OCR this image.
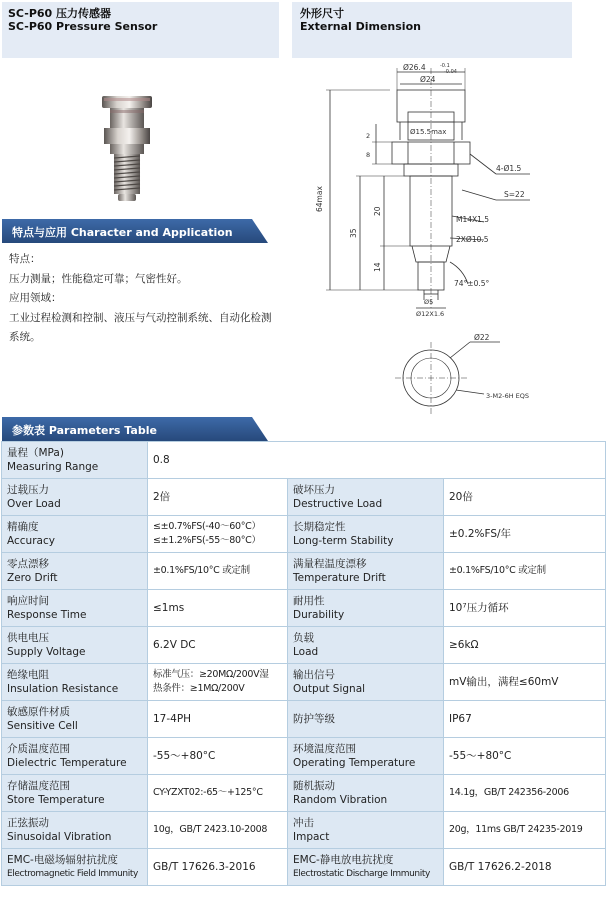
SC-P60 压力传感器
SC-P60 Pressure Sensor
外形尺寸
External Dimension
Ø26.4	-0.1
-0.04
Ø24
Ø15.5max
2
8
4-Ø1.5
S=22
64max
35
20
M14X1.5
2XØ10.5
14
74°±0.5°
Ø5
Ø12X1.6
Ø22
3-M2-6H EQS
特点与应用 Character and Application
特点：
压力测量；性能稳定可靠；气密性好。
应用领域：
工业过程检测和控制、液压与气动控制系统、自动化检测系统。
参数表 Parameters Table
量程（MPa)
Measuring Range	0.8		

过载压力
Over Load	2倍	破坏压力
Destructive Load	20倍

精确度
Accuracy	≤±0.7%FS(-40～60°C）
≤±1.2%FS(-55～80°C）	长期稳定性
Long-term Stability	±0.2%FS/年

零点漂移
Zero Drift	±0.1%FS/10°C 或定制	满量程温度漂移
Temperature Drift	±0.1%FS/10°C 或定制

响应时间
Response Time	≤1ms	耐用性
Durability	10⁷压力循环

供电电压
Supply Voltage	6.2V DC	负载
Load	≥6kΩ

绝缘电阻
Insulation Resistance	标准气压：≥20MΩ/200V湿
热条件：≥1MΩ/200V	输出信号
Output Signal	mV输出，满程≤60mV

敏感原件材质
Sensitive Cell	17-4PH	防护等级	IP67

介质温度范围
Dielectric Temperature	-55～+80°C	环境温度范围
Operating Temperature	-55～+80°C

存储温度范围
Store Temperature	CY-YZXT02:-65～+125°C	随机振动
Random Vibration	14.1g，GB/T 242356-2006

正弦振动
Sinusoidal Vibration	10g，GB/T 2423.10-2008	冲击
Impact	20g，11ms GB/T 24235-2019

EMC-电磁场辐射抗扰度
Electromagnetic Field Immunity	GB/T 17626.3-2016	EMC-静电放电抗扰度
Electrostatic Discharge Immunity	GB/T 17626.2-2018
